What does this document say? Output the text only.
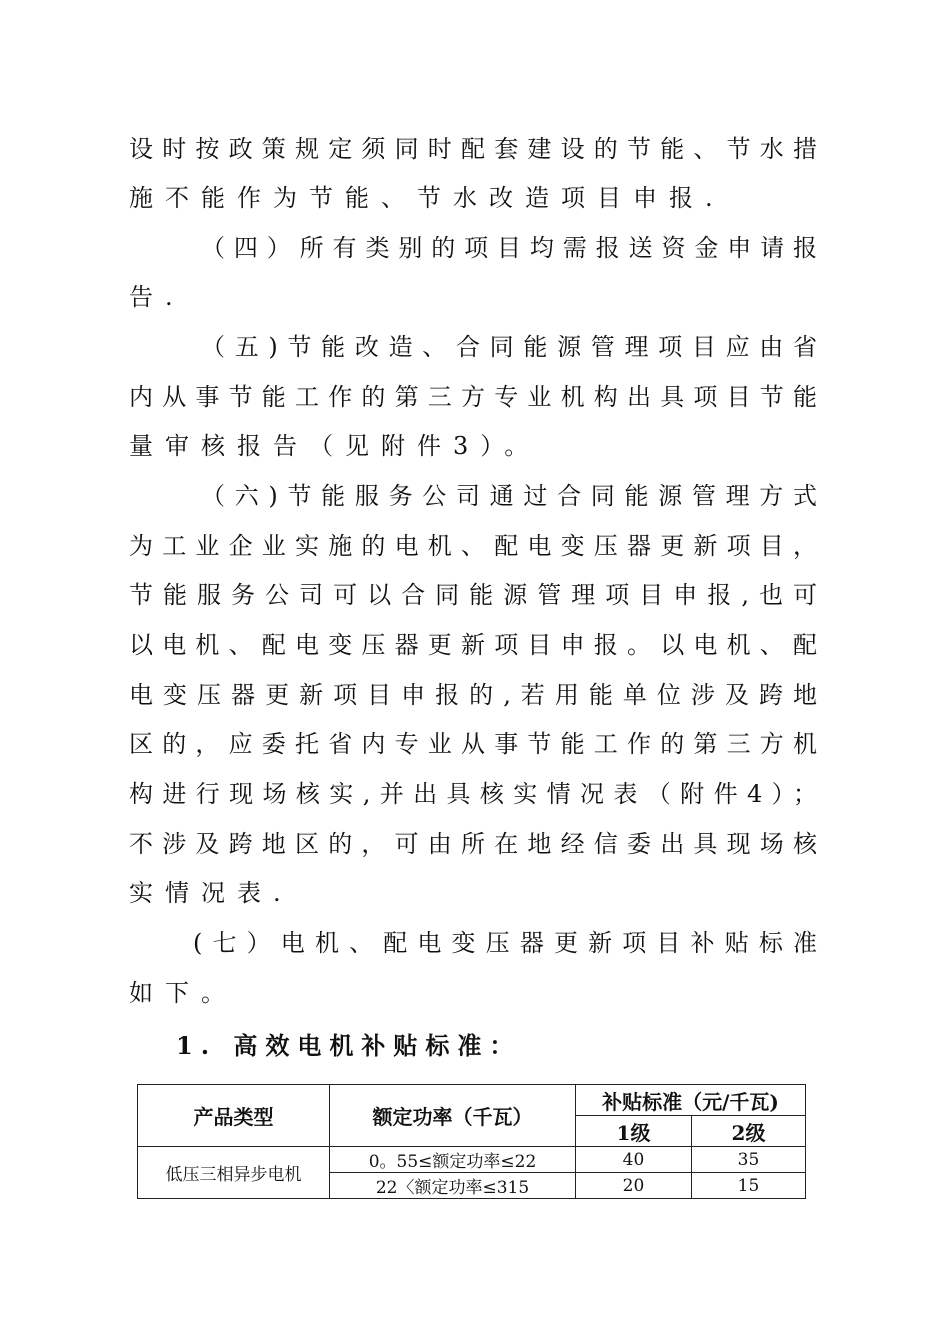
设时按政策规定须同时配套建设的节能、节水措
施不能作为节能、节水改造项目申报.
（四）所有类别的项目均需报送资金申请报
告.
（五)节能改造、合同能源管理项目应由省
内从事节能工作的第三方专业机构出具项目节能
量审核报告（见附件3）。
（六)节能服务公司通过合同能源管理方式
为工业企业实施的电机、配电变压器更新项目，
节能服务公司可以合同能源管理项目申报,也可
以电机、配电变压器更新项目申报。以电机、配
电变压器更新项目申报的,若用能单位涉及跨地
区的，应委托省内专业从事节能工作的第三方机
构进行现场核实,并出具核实情况表（附件4）；
不涉及跨地区的，可由所在地经信委出具现场核
实情况表.
(七）电机、配电变压器更新项目补贴标准
如下。
1. 高效电机补贴标准：
产品类型	额定功率（千瓦）	补贴标准（元/千瓦)	
		1级	2级
低压三相异步电机	0。55≤额定功率≤22	40	35
	22〈额定功率≤315	20	15
